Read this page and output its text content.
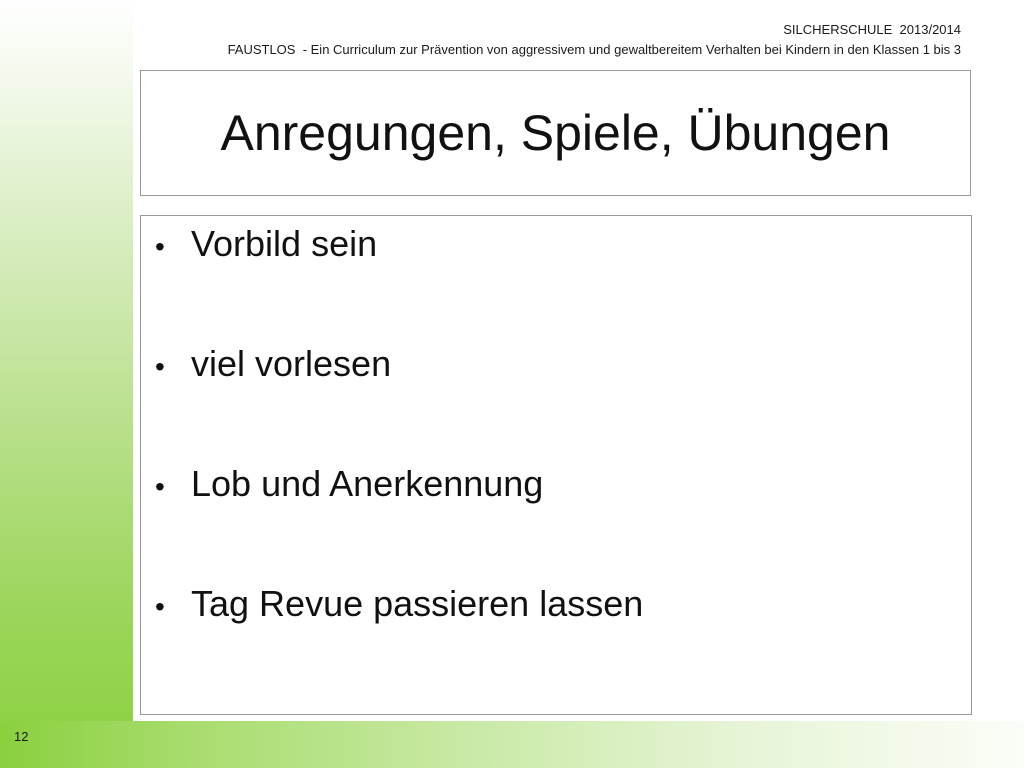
12
SILCHERSCHULE  2013/2014
FAUSTLOS  - Ein Curriculum zur Prävention von aggressivem und gewaltbereitem Verhalten bei Kindern in den Klassen 1 bis 3
Anregungen, Spiele, Übungen
• Vorbild sein
• viel vorlesen
• Lob und Anerkennung
• Tag Revue passieren lassen
